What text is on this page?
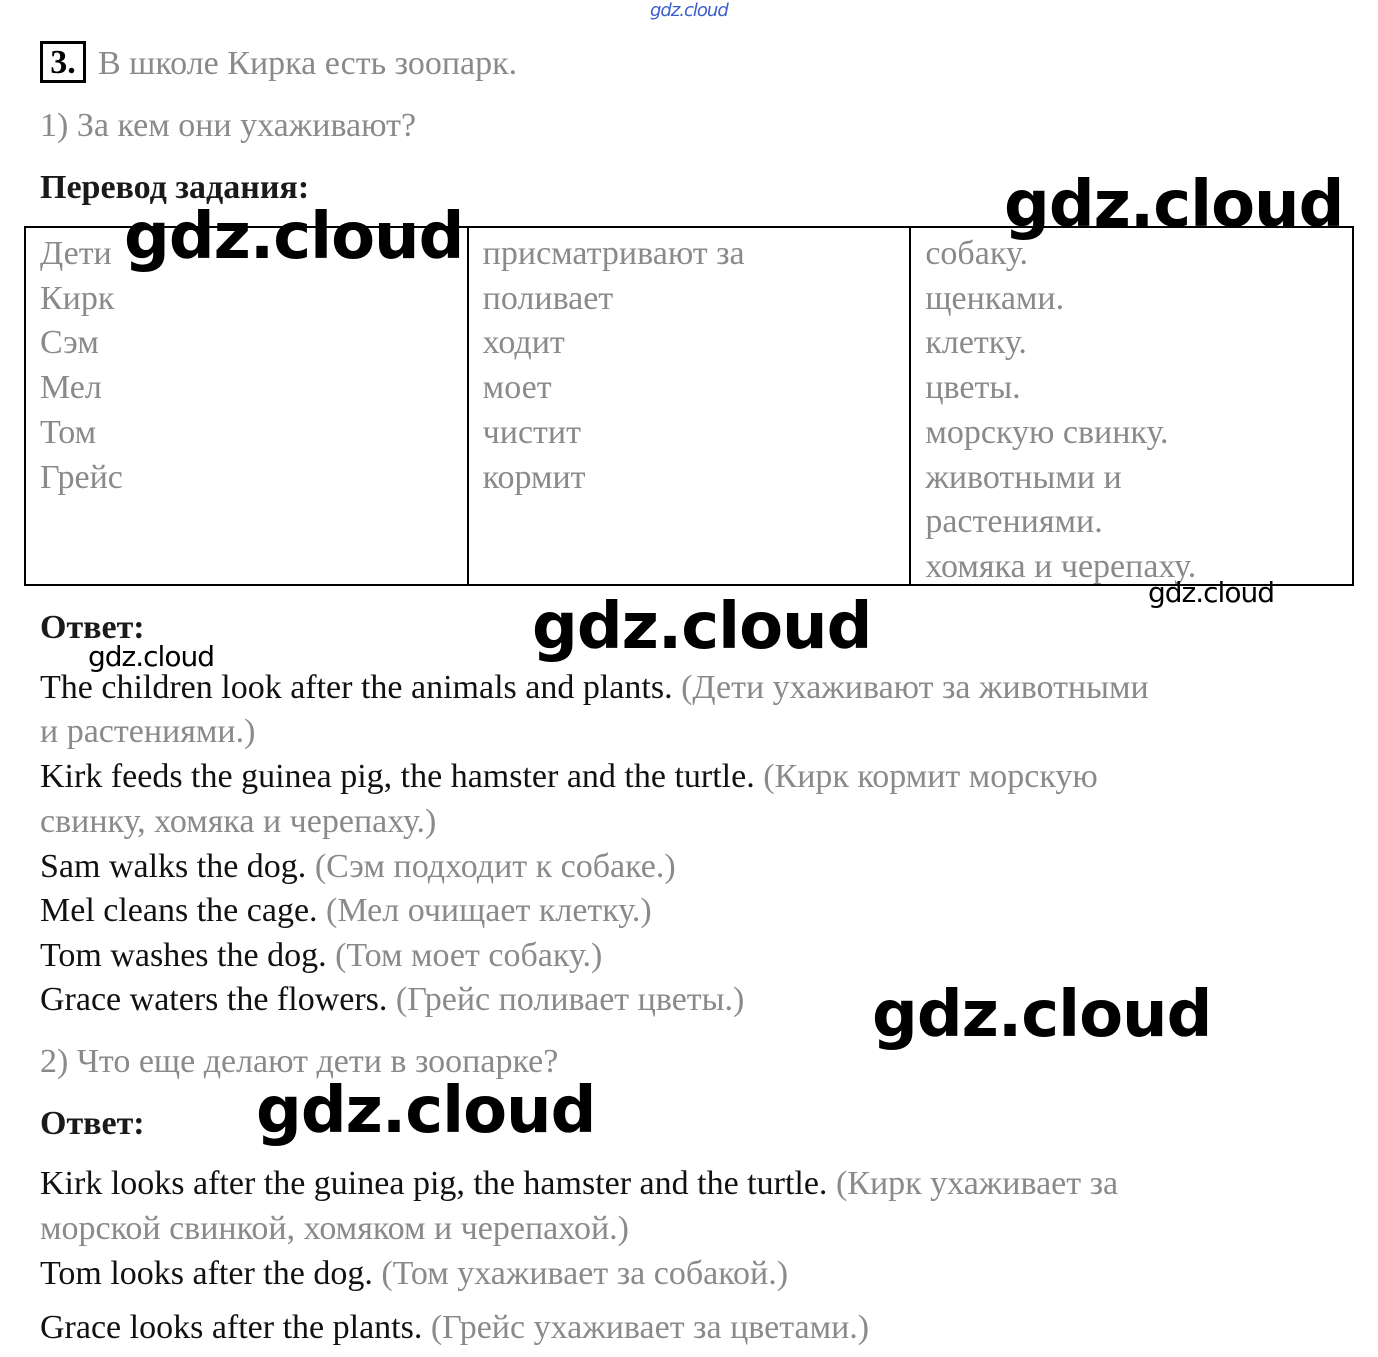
gdz.cloud
3. В школе Кирка есть зоопарк.
1) За кем они ухаживают?
Перевод задания:
Дети
Кирк
Сэм
Мел
Том
Грейс
присматривают за
поливает
ходит
моет
чистит
кормит
собаку.
щенками.
клетку.
цветы.
морскую свинку.
животными и
растениями.
хомяка и черепаху.
Ответ:
The children look after the animals and plants. (Дети ухаживают за животными
и растениями.)
Kirk feeds the guinea pig, the hamster and the turtle. (Кирк кормит морскую
свинку, хомяка и черепаху.)
Sam walks the dog. (Сэм подходит к собаке.)
Mel cleans the cage. (Мел очищает клетку.)
Tom washes the dog. (Том моет собаку.)
Grace waters the flowers. (Грейс поливает цветы.)
2) Что еще делают дети в зоопарке?
Ответ:
Kirk looks after the guinea pig, the hamster and the turtle. (Кирк ухаживает за
морской свинкой, хомяком и черепахой.)
Tom looks after the dog. (Том ухаживает за собакой.)
Grace looks after the plants. (Грейс ухаживает за цветами.)
gdz.cloud	gdz.cloud
gdz.cloud
gdz.cloud
gdz.cloud
gdz.cloud
gdz.cloud
